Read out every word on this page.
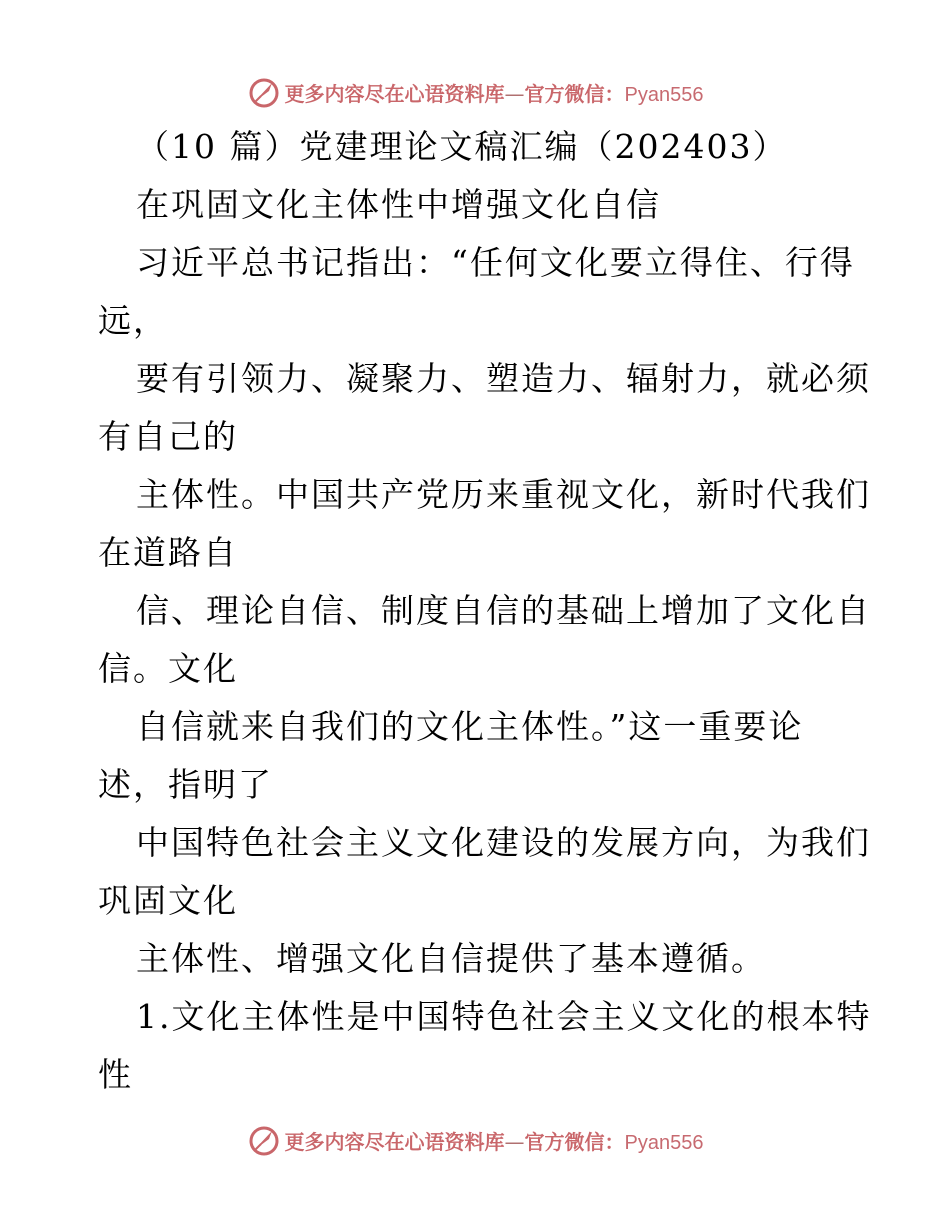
更多内容尽在心语资料库—官方微信：Pyan556
（10 篇）党建理论文稿汇编（202403）
在巩固文化主体性中增强文化自信
习近平总书记指出：“任何文化要立得住、行得
远，
要有引领力、凝聚力、塑造力、辐射力，就必须
有自己的
主体性。中国共产党历来重视文化，新时代我们
在道路自
信、理论自信、制度自信的基础上增加了文化自
信。文化
自信就来自我们的文化主体性。”这一重要论
述，指明了
中国特色社会主义文化建设的发展方向，为我们
巩固文化
主体性、增强文化自信提供了基本遵循。
1.文化主体性是中国特色社会主义文化的根本特
性
更多内容尽在心语资料库—官方微信：Pyan556
